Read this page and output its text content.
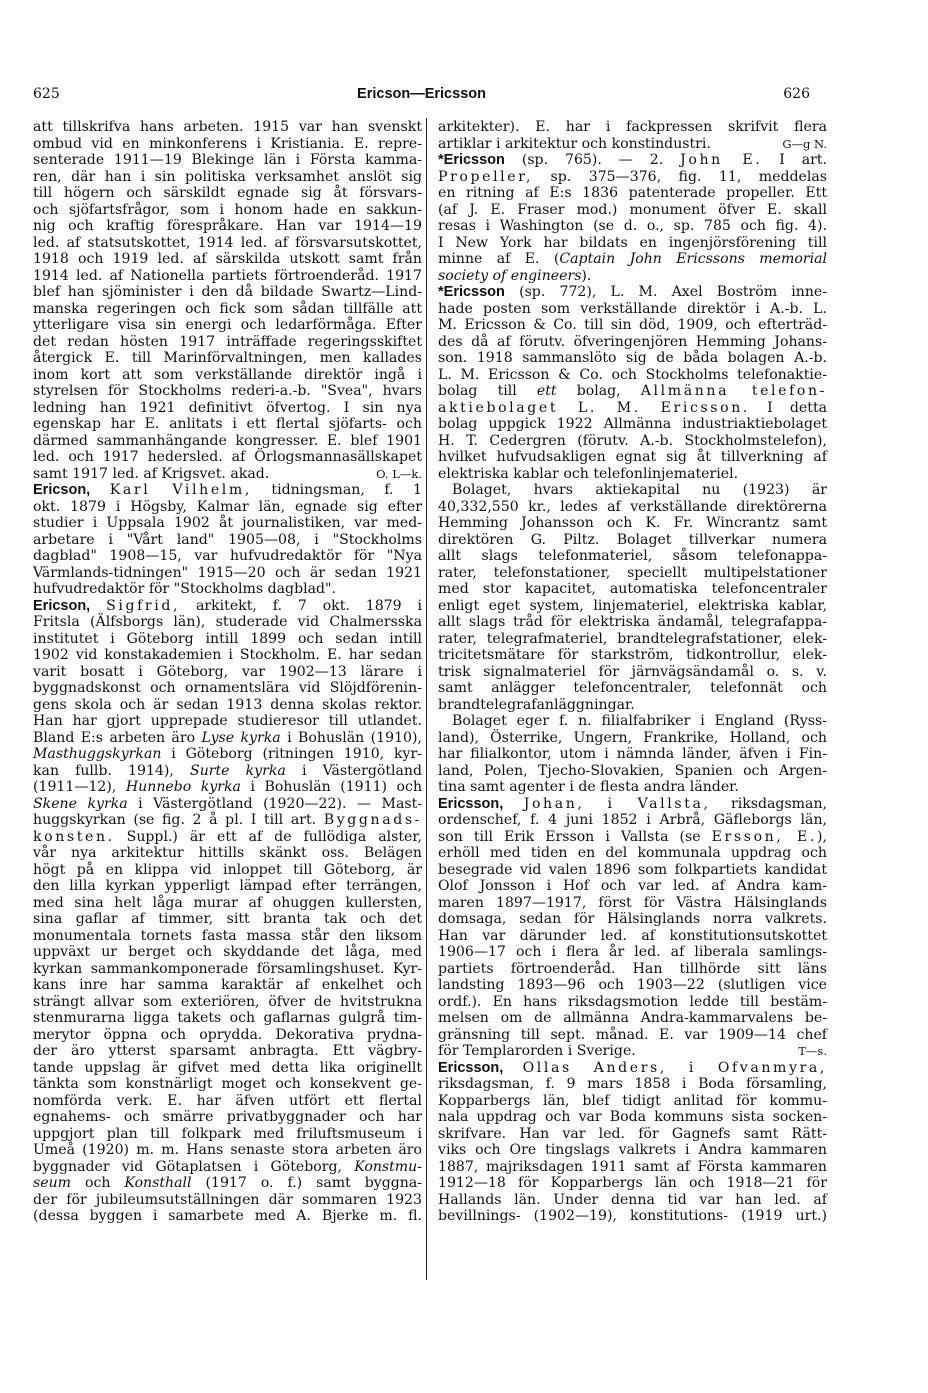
625	Ericson—Ericsson	626
att tillskrifva hans arbeten. 1915 var han svenskt
ombud vid en minkonferens i Kristiania. E. repre-
senterade 1911—19 Blekinge län i Första kamma-
ren, där han i sin politiska verksamhet anslöt sig
till högern och särskildt egnade sig åt försvars-
och sjöfartsfrågor, som i honom hade en sakkun-
nig och kraftig förespråkare. Han var 1914—19
led. af statsutskottet, 1914 led. af försvarsutskottet,
1918 och 1919 led. af särskilda utskott samt från
1914 led. af Nationella partiets förtroenderåd. 1917
blef han sjöminister i den då bildade Swartz—Lind-
manska regeringen och fick som sådan tillfälle att
ytterligare visa sin energi och ledarförmåga. Efter
det redan hösten 1917 inträffade regeringsskiftet
återgick E. till Marinförvaltningen, men kallades
inom kort att som verkställande direktör ingå i
styrelsen för Stockholms rederi-a.-b. "Svea", hvars
ledning han 1921 definitivt öfvertog. I sin nya
egenskap har E. anlitats i ett flertal sjöfarts- och
därmed sammanhängande kongresser. E. blef 1901
led. och 1917 hedersled. af Örlogsmannasällskapet
samt 1917 led. af Krigsvet. akad.	O. L—k.
Ericson, Karl Vilhelm, tidningsman, f. 1
okt. 1879 i Högsby, Kalmar län, egnade sig efter
studier i Uppsala 1902 åt journalistiken, var med-
arbetare i "Vårt land" 1905—08, i "Stockholms
dagblad" 1908—15, var hufvudredaktör för "Nya
Värmlands-tidningen" 1915—20 och är sedan 1921
hufvudredaktör för "Stockholms dagblad".
Ericson, Sigfrid, arkitekt, f. 7 okt. 1879 i
Fritsla (Älfsborgs län), studerade vid Chalmersska
institutet i Göteborg intill 1899 och sedan intill
1902 vid konstakademien i Stockholm. E. har sedan
varit bosatt i Göteborg, var 1902—13 lärare i
byggnadskonst och ornamentslära vid Slöjdförenin-
gens skola och är sedan 1913 denna skolas rektor.
Han har gjort upprepade studieresor till utlandet.
Bland E:s arbeten äro Lyse kyrka i Bohuslän (1910),
Masthuggskyrkan i Göteborg (ritningen 1910, kyr-
kan fullb. 1914), Surte kyrka i Västergötland
(1911—12), Hunnebo kyrka i Bohuslän (1911) och
Skene kyrka i Västergötland (1920—22). — Mast-
huggskyrkan (se fig. 2 å pl. I till art. Byggnads-
konsten. Suppl.) är ett af de fullödiga alster,
vår nya arkitektur hittills skänkt oss. Belägen
högt på en klippa vid inloppet till Göteborg, är
den lilla kyrkan ypperligt lämpad efter terrängen,
med sina helt låga murar af ohuggen kullersten,
sina gaflar af timmer, sitt branta tak och det
monumentala tornets fasta massa står den liksom
uppväxt ur berget och skyddande det låga, med
kyrkan sammankomponerade församlingshuset. Kyr-
kans inre har samma karaktär af enkelhet och
strängt allvar som exteriören, öfver de hvitstrukna
stenmurarna ligga takets och gaflarnas gulgrå tim-
merytor öppna och oprydda. Dekorativa prydna-
der äro ytterst sparsamt anbragta. Ett vägbry-
tande uppslag är gifvet med detta lika originellt
tänkta som konstnärligt moget och konsekvent ge-
nomförda verk. E. har äfven utfört ett flertal
egnahems- och smärre privatbyggnader och har
uppgjort plan till folkpark med friluftsmuseum i
Umeå (1920) m. m. Hans senaste stora arbeten äro
byggnader vid Götaplatsen i Göteborg, Konstmu-
seum och Konsthall (1917 o. f.) samt byggna-
der för jubileumsutställningen där sommaren 1923
(dessa byggen i samarbete med A. Bjerke m. fl.
arkitekter). E. har i fackpressen skrifvit flera
artiklar i arkitektur och konstindustri.	G—g N.
*Ericsson (sp. 765). — 2. John E. I art.
Propeller, sp. 375—376, fig. 11, meddelas
en ritning af E:s 1836 patenterade propeller. Ett
(af J. E. Fraser mod.) monument öfver E. skall
resas i Washington (se d. o., sp. 785 och fig. 4).
I New York har bildats en ingenjörsförening till
minne af E. (Captain John Ericssons memorial
society of engineers).
*Ericsson (sp. 772), L. M. Axel Boström inne-
hade posten som verkställande direktör i A.-b. L.
M. Ericsson & Co. till sin död, 1909, och efterträd-
des då af förutv. öfveringenjören Hemming Johans-
son. 1918 sammanslöto sig de båda bolagen A.-b.
L. M. Ericsson & Co. och Stockholms telefonaktie-
bolag till ett bolag, Allmänna telefon-
aktiebolaget L. M. Ericsson. I detta
bolag uppgick 1922 Allmänna industriaktiebolaget
H. T. Cedergren (förutv. A.-b. Stockholmstelefon),
hvilket hufvudsakligen egnat sig åt tillverkning af
elektriska kablar och telefonlinjemateriel.
Bolaget, hvars aktiekapital nu (1923) är
40,332,550 kr., ledes af verkställande direktörerna
Hemming Johansson och K. Fr. Wincrantz samt
direktören G. Piltz. Bolaget tillverkar numera
allt slags telefonmateriel, såsom telefonappa-
rater, telefonstationer, speciellt multipelstationer
med stor kapacitet, automatiska telefoncentraler
enligt eget system, linjemateriel, elektriska kablar,
allt slags tråd för elektriska ändamål, telegrafappa-
rater, telegrafmateriel, brandtelegrafstationer, elek-
tricitetsmätare för starkström, tidkontrollur, elek-
trisk signalmateriel för järnvägsändamål o. s. v.
samt anlägger telefoncentraler, telefonnät och
brandtelegrafanläggningar.
Bolaget eger f. n. filialfabriker i England (Ryss-
land), Österrike, Ungern, Frankrike, Holland, och
har filialkontor, utom i nämnda länder, äfven i Fin-
land, Polen, Tjecho-Slovakien, Spanien och Argen-
tina samt agenter i de flesta andra länder.
Ericsson, Johan, i Vallsta, riksdagsman,
ordenschef, f. 4 juni 1852 i Arbrå, Gäfleborgs län,
son till Erik Ersson i Vallsta (se Ersson, E.),
erhöll med tiden en del kommunala uppdrag och
besegrade vid valen 1896 som folkpartiets kandidat
Olof Jonsson i Hof och var led. af Andra kam-
maren 1897—1917, först för Västra Hälsinglands
domsaga, sedan för Hälsinglands norra valkrets.
Han var därunder led. af konstitutionsutskottet
1906—17 och i flera år led. af liberala samlings-
partiets förtroenderåd. Han tillhörde sitt läns
landsting 1893—96 och 1903—22 (slutligen vice
ordf.). En hans riksdagsmotion ledde till bestäm-
melsen om de allmänna Andra-kammarvalens be-
gränsning till sept. månad. E. var 1909—14 chef
för Templarorden i Sverige.	T—s.
Ericsson, Ollas Anders, i Ofvanmyra,
riksdagsman, f. 9 mars 1858 i Boda församling,
Kopparbergs län, blef tidigt anlitad för kommu-
nala uppdrag och var Boda kommuns sista socken-
skrifvare. Han var led. för Gagnefs samt Rätt-
viks och Ore tingslags valkrets i Andra kammaren
1887, majriksdagen 1911 samt af Första kammaren
1912—18 för Kopparbergs län och 1918—21 för
Hallands län. Under denna tid var han led. af
bevillnings- (1902—19), konstitutions- (1919 urt.)
